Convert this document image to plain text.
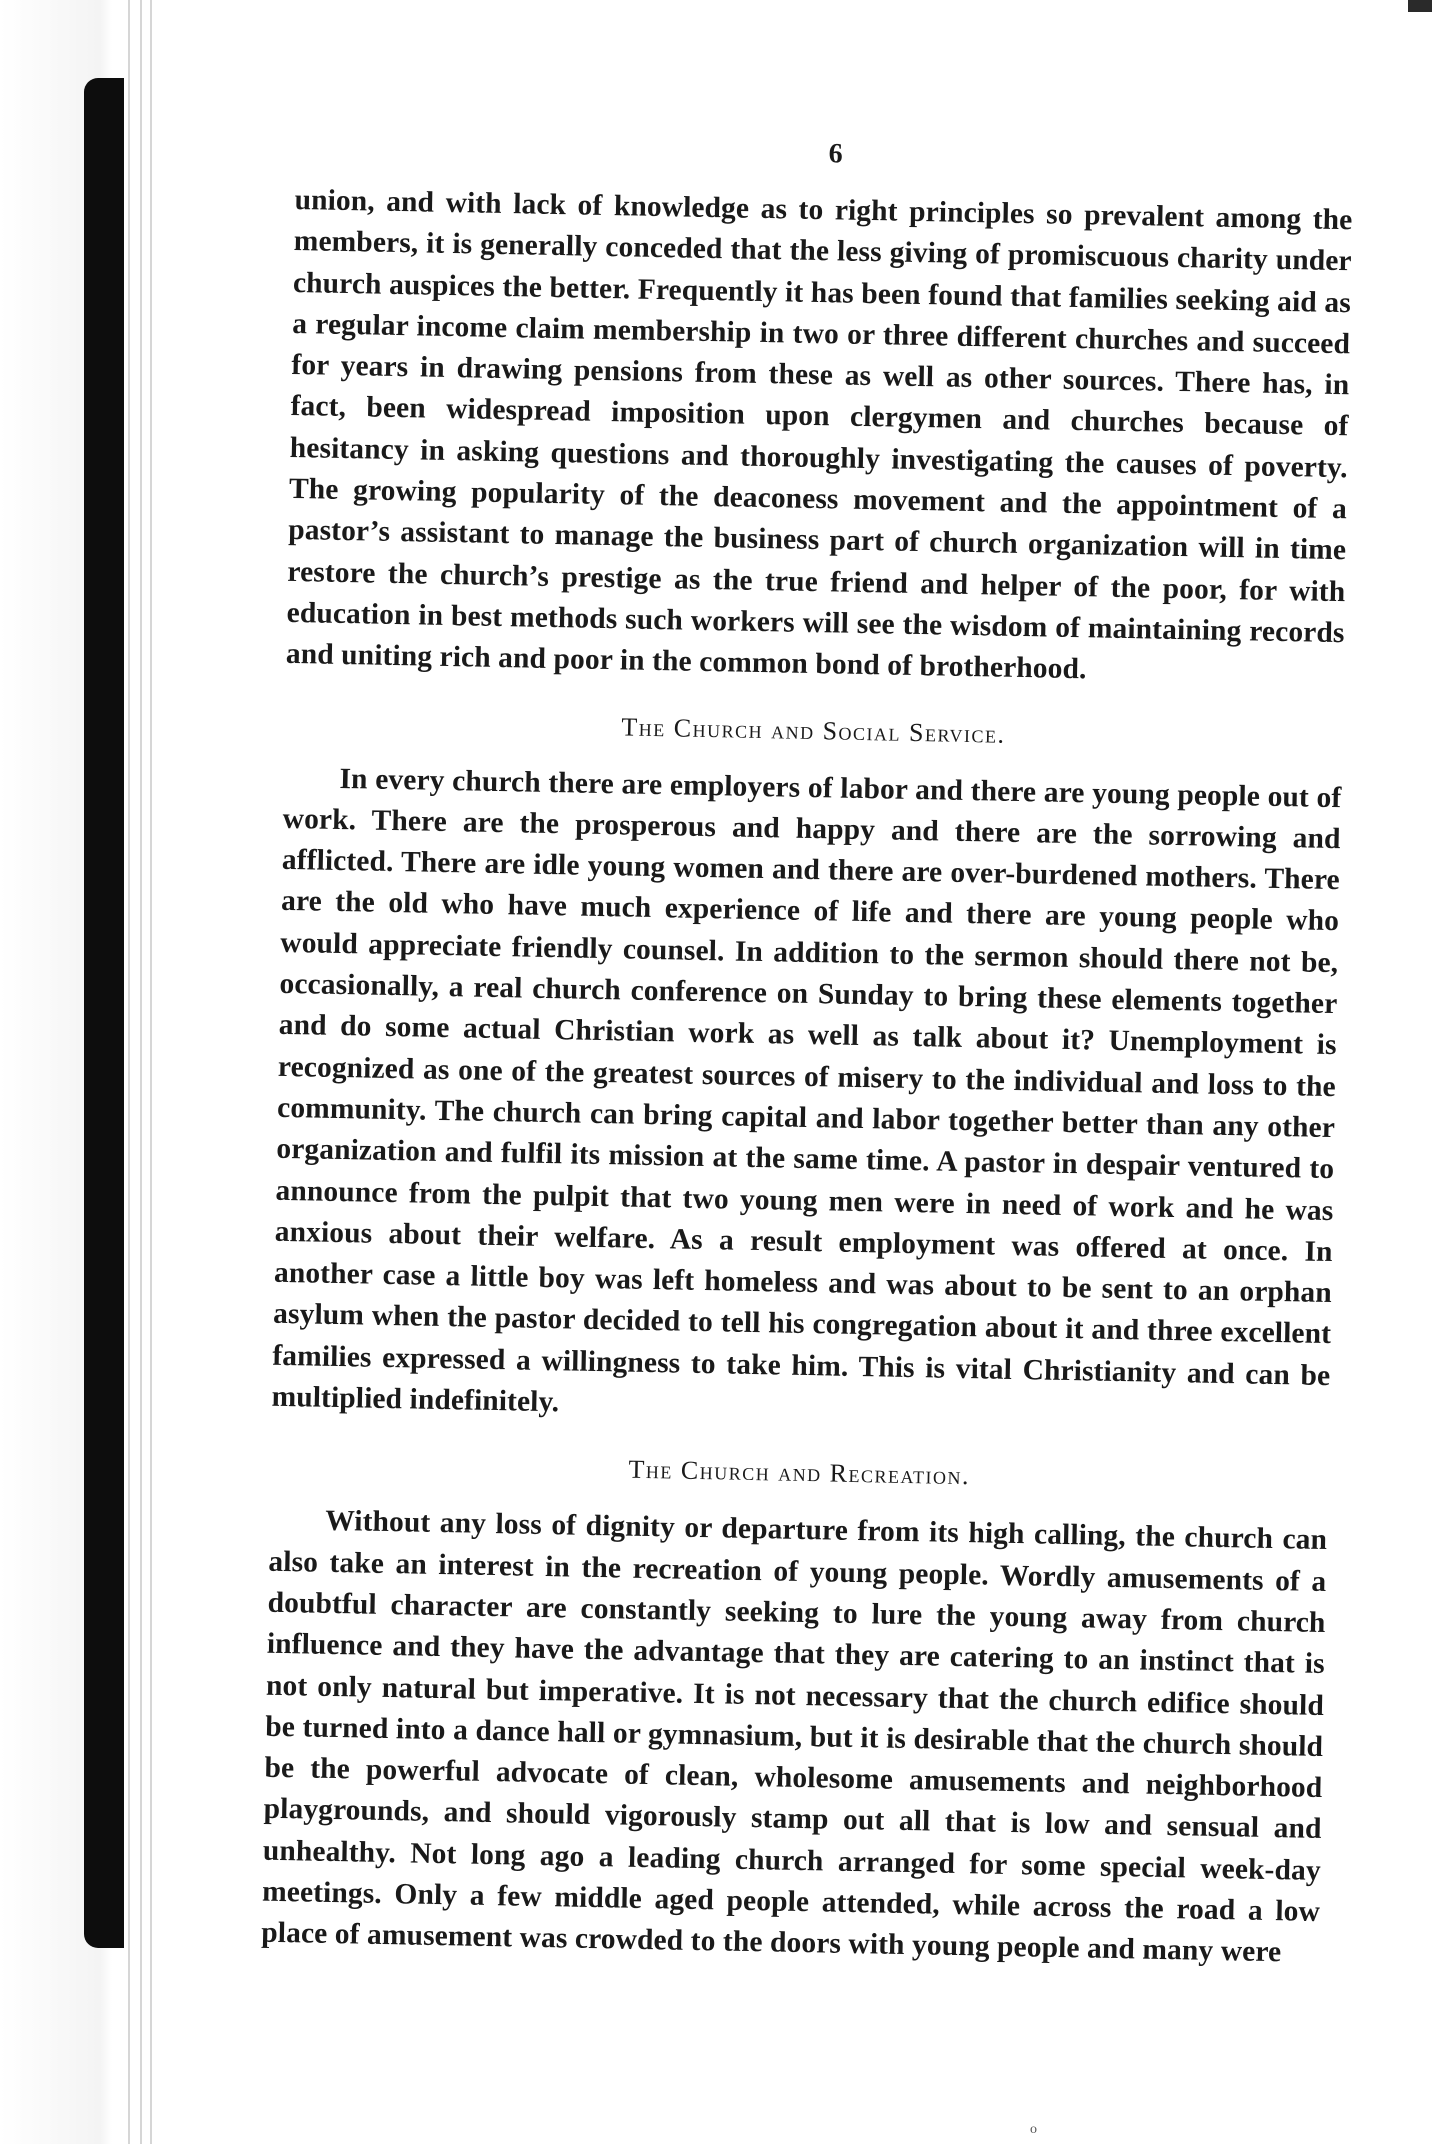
6

union, and with lack of knowledge as to right principles so prevalent among the members, it is generally conceded that the less giving of promiscuous charity under church auspices the better. Frequently it has been found that families seeking aid as a regular income claim membership in two or three different churches and succeed for years in drawing pensions from these as well as other sources. There has, in fact, been widespread imposition upon clergymen and churches because of hesitancy in asking questions and thoroughly investigating the causes of poverty. The growing popularity of the deaconess movement and the appointment of a pastor’s assistant to manage the business part of church organization will in time restore the church’s prestige as the true friend and helper of the poor, for with education in best methods such workers will see the wisdom of maintaining records and uniting rich and poor in the common bond of brotherhood.

The Church and Social Service.

In every church there are employers of labor and there are young people out of work. There are the prosperous and happy and there are the sorrowing and afflicted. There are idle young women and there are over-burdened mothers. There are the old who have much experience of life and there are young people who would appreciate friendly counsel. In addition to the sermon should there not be, occasionally, a real church conference on Sunday to bring these elements together and do some actual Christian work as well as talk about it? Unemployment is recognized as one of the greatest sources of misery to the individual and loss to the community. The church can bring capital and labor together better than any other organization and fulfil its mission at the same time. A pastor in despair ventured to announce from the pulpit that two young men were in need of work and he was anxious about their welfare. As a result employment was offered at once. In another case a little boy was left homeless and was about to be sent to an orphan asylum when the pastor decided to tell his congregation about it and three excellent families expressed a willingness to take him. This is vital Christianity and can be multiplied indefinitely.

The Church and Recreation.

Without any loss of dignity or departure from its high calling, the church can also take an interest in the recreation of young people. Wordly amusements of a doubtful character are constantly seeking to lure the young away from church influence and they have the advantage that they are catering to an instinct that is not only natural but imperative. It is not necessary that the church edifice should be turned into a dance hall or gymnasium, but it is desirable that the church should be the powerful advocate of clean, wholesome amusements and neighborhood playgrounds, and should vigorously stamp out all that is low and sensual and unhealthy. Not long ago a leading church arranged for some special week-day meetings. Only a few middle aged people attended, while across the road a low place of amusement was crowded to the doors with young people and many were

o
